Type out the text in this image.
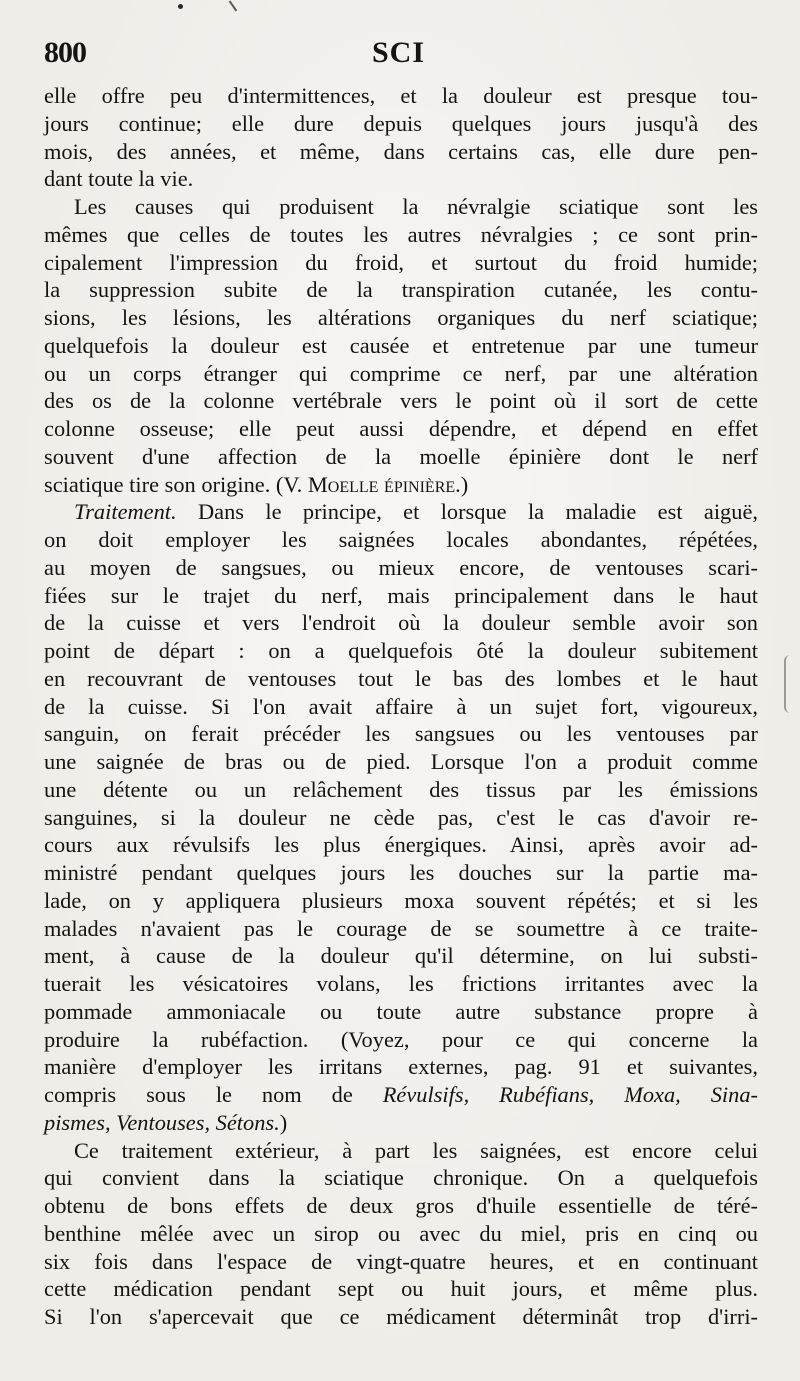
800	SCI

elle offre peu d'intermittences, et la douleur est presque tou-
jours continue; elle dure depuis quelques jours jusqu'à des
mois, des années, et même, dans certains cas, elle dure pen-
dant toute la vie.

Les causes qui produisent la névralgie sciatique sont les
mêmes que celles de toutes les autres névralgies ; ce sont prin-
cipalement l'impression du froid, et surtout du froid humide;
la suppression subite de la transpiration cutanée, les contu-
sions, les lésions, les altérations organiques du nerf sciatique;
quelquefois la douleur est causée et entretenue par une tumeur
ou un corps étranger qui comprime ce nerf, par une altération
des os de la colonne vertébrale vers le point où il sort de cette
colonne osseuse; elle peut aussi dépendre, et dépend en effet
souvent d'une affection de la moelle épinière dont le nerf
sciatique tire son origine. (V. Moelle épinière.)

Traitement. Dans le principe, et lorsque la maladie est aiguë,
on doit employer les saignées locales abondantes, répétées,
au moyen de sangsues, ou mieux encore, de ventouses scari-
fiées sur le trajet du nerf, mais principalement dans le haut
de la cuisse et vers l'endroit où la douleur semble avoir son
point de départ : on a quelquefois ôté la douleur subitement
en recouvrant de ventouses tout le bas des lombes et le haut
de la cuisse. Si l'on avait affaire à un sujet fort, vigoureux,
sanguin, on ferait précéder les sangsues ou les ventouses par
une saignée de bras ou de pied. Lorsque l'on a produit comme
une détente ou un relâchement des tissus par les émissions
sanguines, si la douleur ne cède pas, c'est le cas d'avoir re-
cours aux révulsifs les plus énergiques. Ainsi, après avoir ad-
ministré pendant quelques jours les douches sur la partie ma-
lade, on y appliquera plusieurs moxa souvent répétés; et si les
malades n'avaient pas le courage de se soumettre à ce traite-
ment, à cause de la douleur qu'il détermine, on lui substi-
tuerait les vésicatoires volans, les frictions irritantes avec la
pommade ammoniacale ou toute autre substance propre à
produire la rubéfaction. (Voyez, pour ce qui concerne la
manière d'employer les irritans externes, pag. 91 et suivantes,
compris sous le nom de Révulsifs, Rubéfians, Moxa, Sina-
pismes, Ventouses, Sétons.)

Ce traitement extérieur, à part les saignées, est encore celui
qui convient dans la sciatique chronique. On a quelquefois
obtenu de bons effets de deux gros d'huile essentielle de téré-
benthine mêlée avec un sirop ou avec du miel, pris en cinq ou
six fois dans l'espace de vingt-quatre heures, et en continuant
cette médication pendant sept ou huit jours, et même plus.
Si l'on s'apercevait que ce médicament déterminât trop d'irri-
